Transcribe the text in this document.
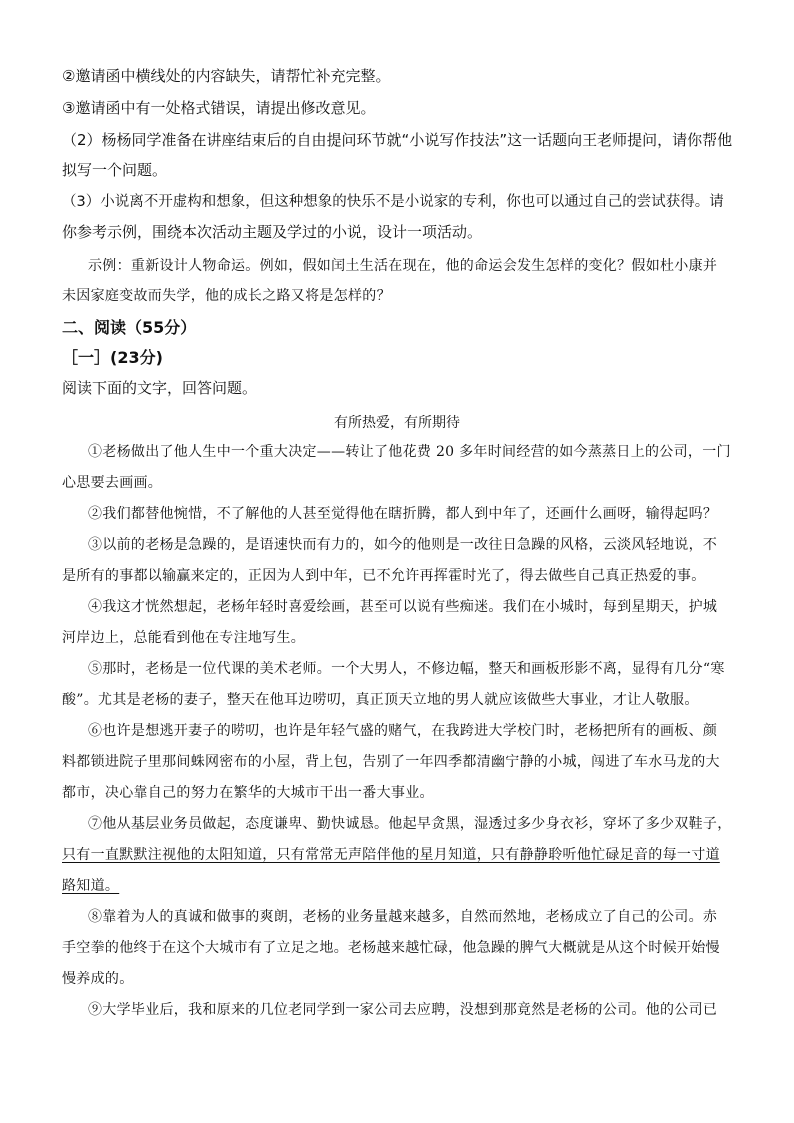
②邀请函中横线处的内容缺失，请帮忙补充完整。
③邀请函中有一处格式错误，请提出修改意见。
（2）杨杨同学准备在讲座结束后的自由提问环节就“小说写作技法”这一话题向王老师提问，请你帮他
拟写一个问题。
（3）小说离不开虚构和想象，但这种想象的快乐不是小说家的专利，你也可以通过自己的尝试获得。请
你参考示例，围绕本次活动主题及学过的小说，设计一项活动。
示例：重新设计人物命运。例如，假如闰土生活在现在，他的命运会发生怎样的变化？假如杜小康并
未因家庭变故而失学，他的成长之路又将是怎样的？
二、阅读（55分）
［一］(23分)
阅读下面的文字，回答问题。
有所热爱，有所期待
①老杨做出了他人生中一个重大决定——转让了他花费 20 多年时间经营的如今蒸蒸日上的公司，一门
心思要去画画。
②我们都替他惋惜，不了解他的人甚至觉得他在瞎折腾，都人到中年了，还画什么画呀，输得起吗？
③以前的老杨是急躁的，是语速快而有力的，如今的他则是一改往日急躁的风格，云淡风轻地说，不
是所有的事都以输赢来定的，正因为人到中年，已不允许再挥霍时光了，得去做些自己真正热爱的事。
④我这才恍然想起，老杨年轻时喜爱绘画，甚至可以说有些痴迷。我们在小城时，每到星期天，护城
河岸边上，总能看到他在专注地写生。
⑤那时，老杨是一位代课的美术老师。一个大男人，不修边幅，整天和画板形影不离，显得有几分“寒
酸”。尤其是老杨的妻子，整天在他耳边唠叨，真正顶天立地的男人就应该做些大事业，才让人敬服。
⑥也许是想逃开妻子的唠叨，也许是年轻气盛的赌气，在我跨进大学校门时，老杨把所有的画板、颜
料都锁进院子里那间蛛网密布的小屋，背上包，告别了一年四季都清幽宁静的小城，闯进了车水马龙的大
都市，决心靠自己的努力在繁华的大城市干出一番大事业。
⑦他从基层业务员做起，态度谦卑、勤快诚恳。他起早贪黑，湿透过多少身衣衫，穿坏了多少双鞋子，
只有一直默默注视他的太阳知道，只有常常无声陪伴他的星月知道，只有静静聆听他忙碌足音的每一寸道
路知道。
⑧靠着为人的真诚和做事的爽朗，老杨的业务量越来越多，自然而然地，老杨成立了自己的公司。赤
手空拳的他终于在这个大城市有了立足之地。老杨越来越忙碌，他急躁的脾气大概就是从这个时候开始慢
慢养成的。
⑨大学毕业后，我和原来的几位老同学到一家公司去应聘，没想到那竟然是老杨的公司。他的公司已
